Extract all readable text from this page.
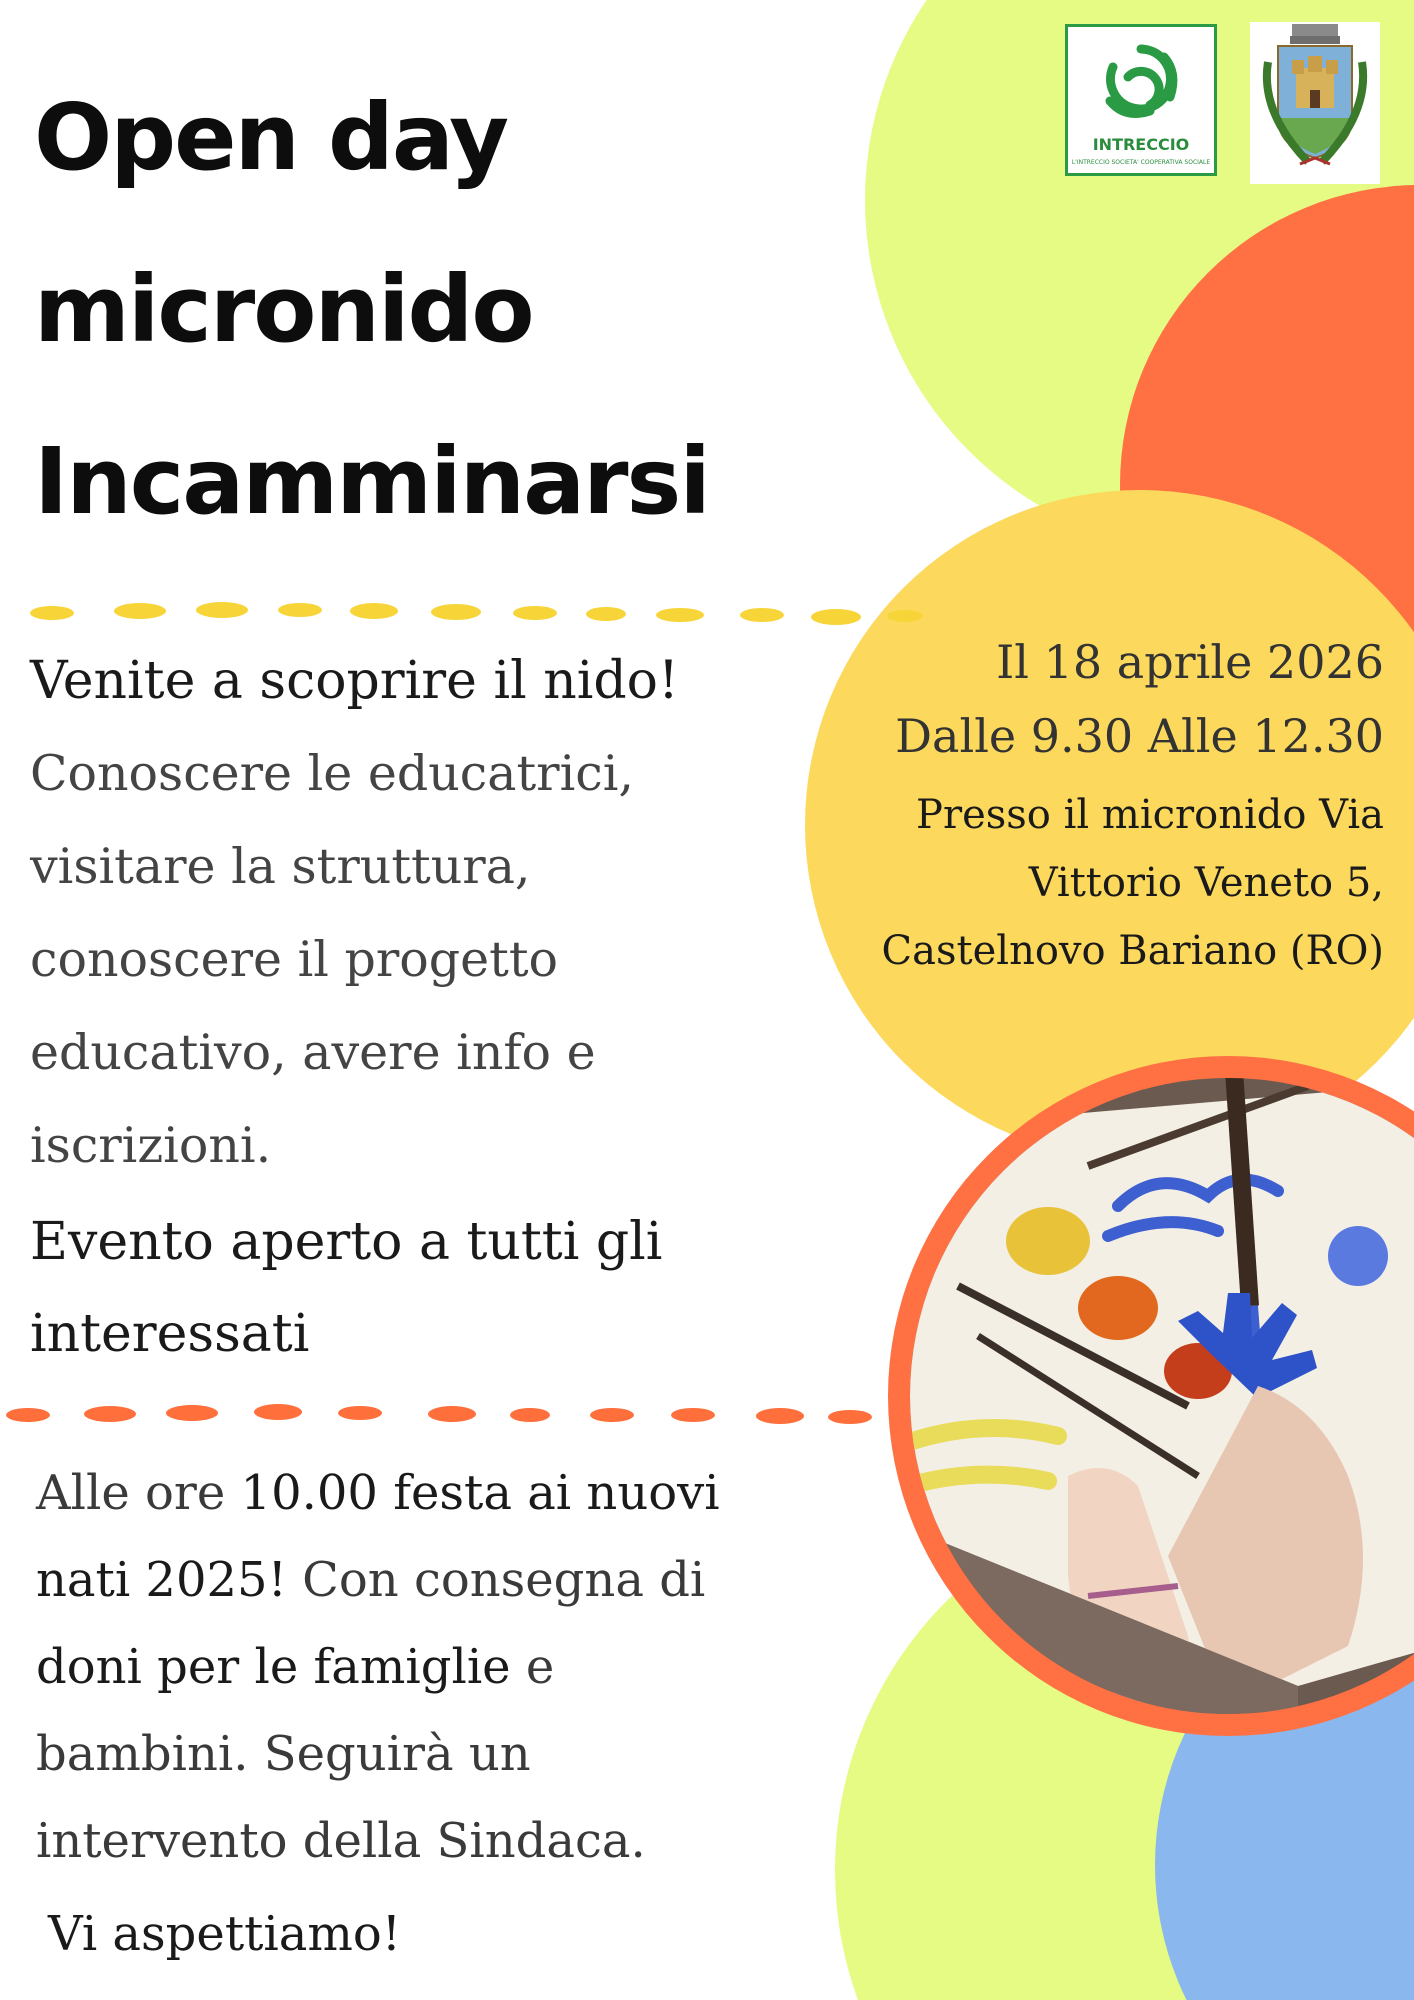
INTRECCIO
L'INTRECCIO SOCIETA' COOPERATIVA SOCIALE
Open day
micronido
Incamminarsi
Venite a scoprire il nido!
Conoscere le educatrici,
visitare la struttura,
conoscere il progetto
educativo, avere info e
iscrizioni.
Evento aperto a tutti gli
interessati
Il 18 aprile 2026
Dalle 9.30 Alle 12.30
Presso il micronido Via
Vittorio Veneto 5,
Castelnovo Bariano (RO)
Alle ore 10.00 festa ai nuovi
nati 2025! Con consegna di
doni per le famiglie e
bambini. Seguirà un
intervento della Sindaca.
Vi aspettiamo!
